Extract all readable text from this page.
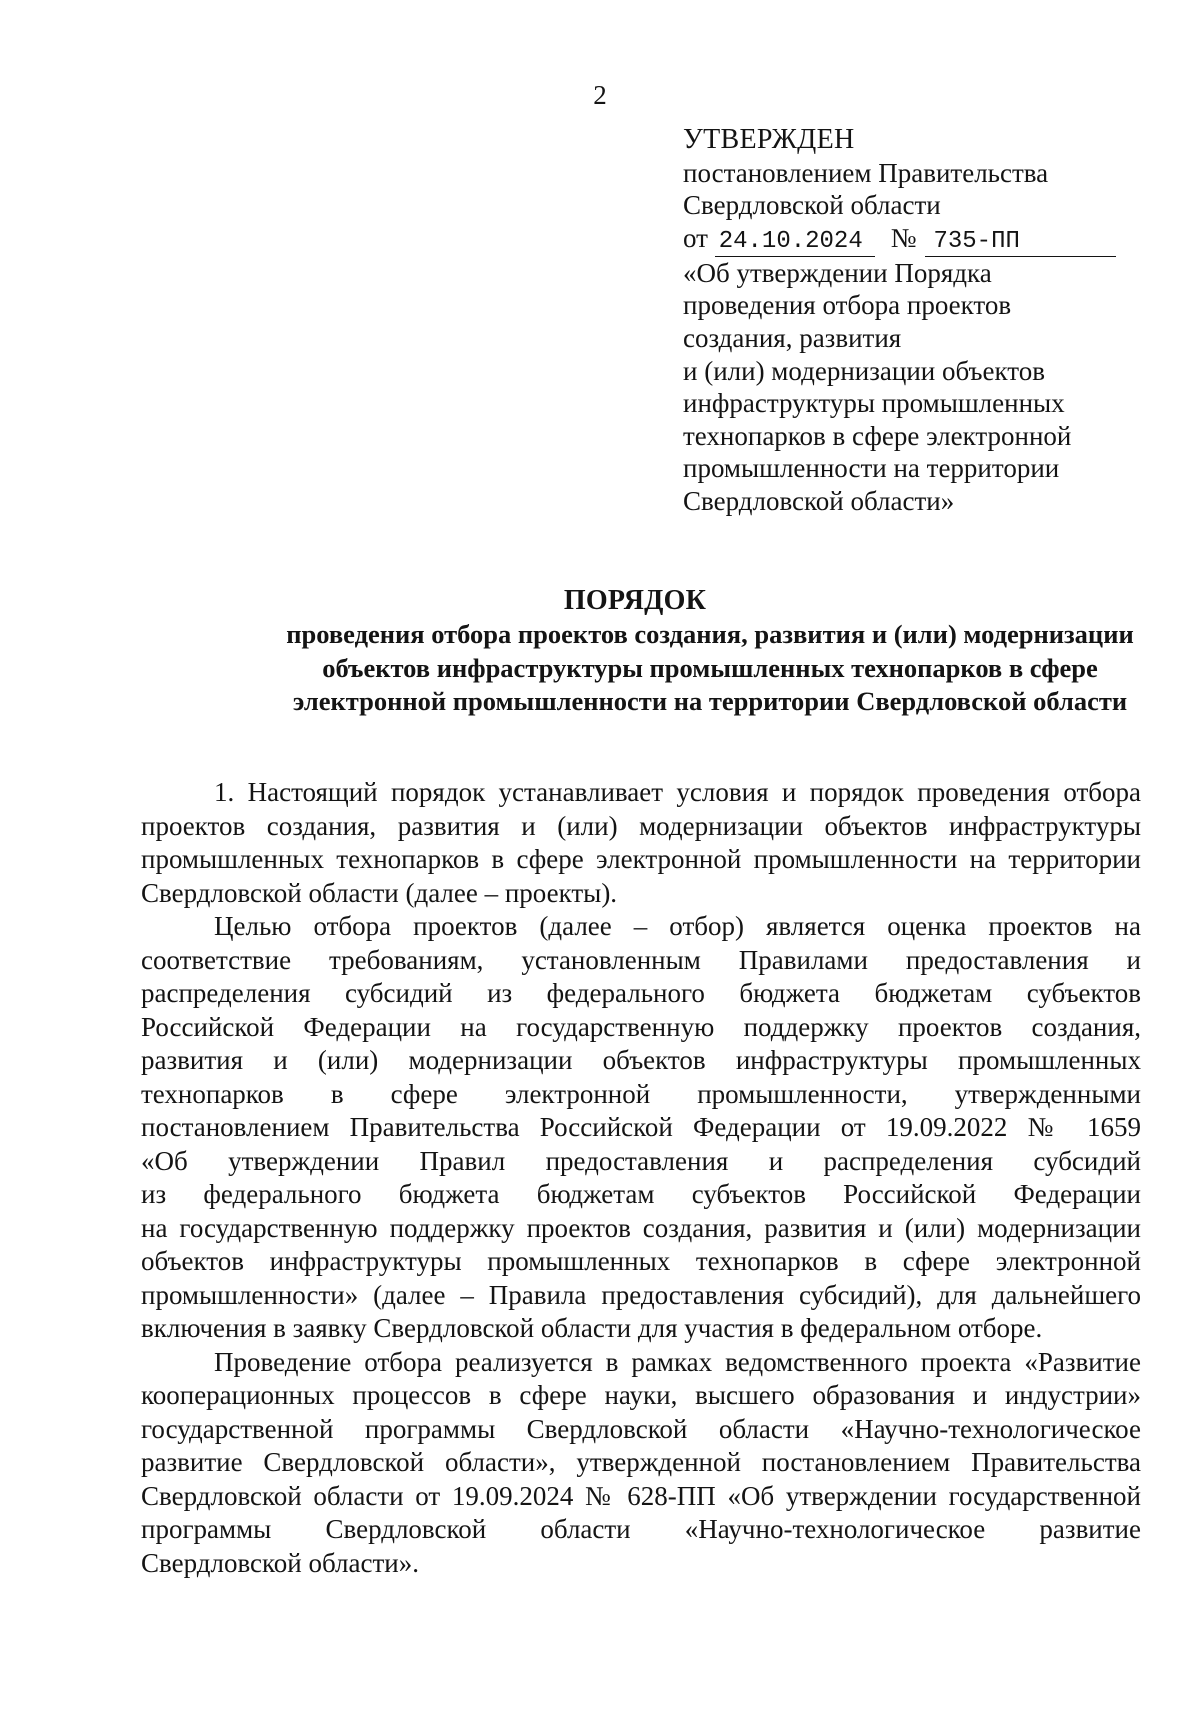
2
УТВЕРЖДЕН
постановлением Правительства
Свердловской области
от 24.10.2024 № 735-ПП
«Об утверждении Порядка
проведения отбора проектов
создания, развития
и (или) модернизации объектов
инфраструктуры промышленных
технопарков в сфере электронной
промышленности на территории
Свердловской области»
ПОРЯДОК
проведения отбора проектов создания, развития и (или) модернизации
объектов инфраструктуры промышленных технопарков в сфере
электронной промышленности на территории Свердловской области
1. Настоящий порядок устанавливает условия и порядок проведения отбора
проектов создания, развития и (или) модернизации объектов инфраструктуры
промышленных технопарков в сфере электронной промышленности на территории
Свердловской области (далее – проекты).
Целью отбора проектов (далее – отбор) является оценка проектов на
соответствие требованиям, установленным Правилами предоставления и
распределения субсидий из федерального бюджета бюджетам субъектов
Российской Федерации на государственную поддержку проектов создания,
развития и (или) модернизации объектов инфраструктуры промышленных
технопарков в сфере электронной промышленности, утвержденными
постановлением Правительства Российской Федерации от 19.09.2022 № 1659
«Об утверждении Правил предоставления и распределения субсидий
из федерального бюджета бюджетам субъектов Российской Федерации
на государственную поддержку проектов создания, развития и (или) модернизации
объектов инфраструктуры промышленных технопарков в сфере электронной
промышленности» (далее – Правила предоставления субсидий), для дальнейшего
включения в заявку Свердловской области для участия в федеральном отборе.
Проведение отбора реализуется в рамках ведомственного проекта «Развитие
кооперационных процессов в сфере науки, высшего образования и индустрии»
государственной программы Свердловской области «Научно-технологическое
развитие Свердловской области», утвержденной постановлением Правительства
Свердловской области от 19.09.2024 № 628-ПП «Об утверждении государственной
программы Свердловской области «Научно-технологическое развитие
Свердловской области».
